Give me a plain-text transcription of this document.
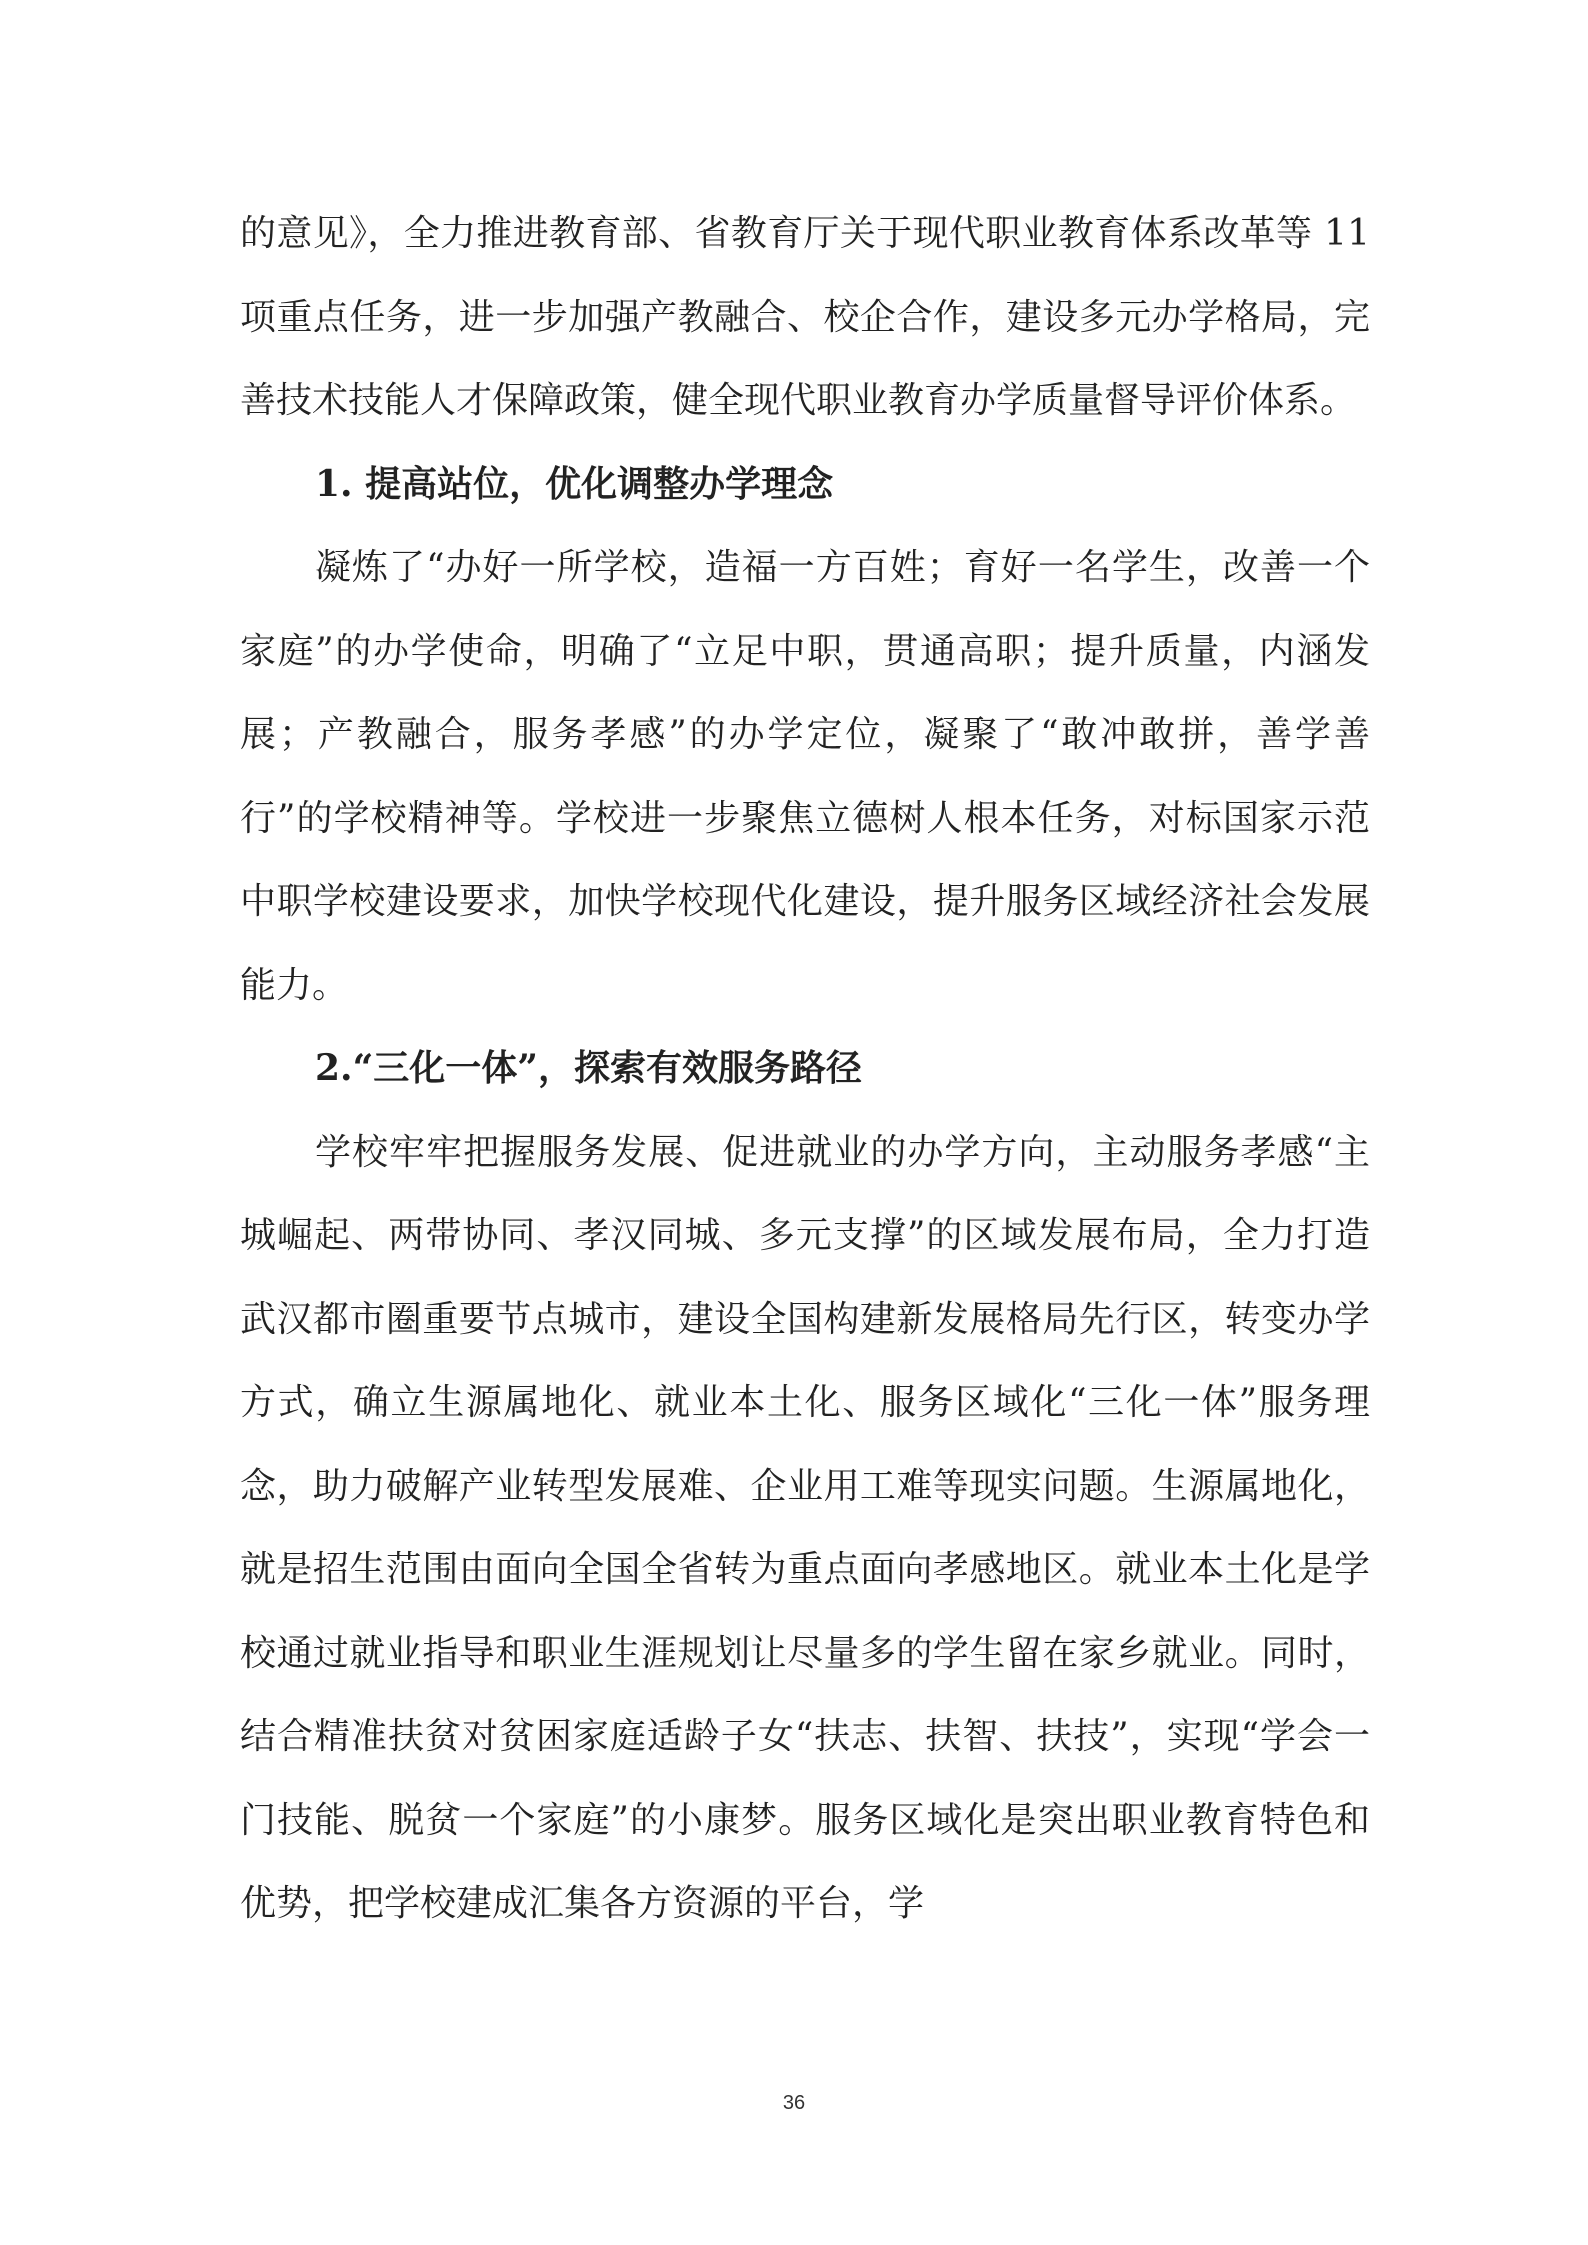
的意见》，全力推进教育部、省教育厅关于现代职业教育体系改革等 11 项重点任务，进一步加强产教融合、校企合作，建设多元办学格局，完善技术技能人才保障政策，健全现代职业教育办学质量督导评价体系。

1. 提高站位，优化调整办学理念

凝炼了“办好一所学校，造福一方百姓；育好一名学生，改善一个家庭”的办学使命，明确了“立足中职，贯通高职；提升质量，内涵发展；产教融合，服务孝感”的办学定位，凝聚了“敢冲敢拼，善学善行”的学校精神等。学校进一步聚焦立德树人根本任务，对标国家示范中职学校建设要求，加快学校现代化建设，提升服务区域经济社会发展能力。

2.“三化一体”，探索有效服务路径

学校牢牢把握服务发展、促进就业的办学方向，主动服务孝感“主城崛起、两带协同、孝汉同城、多元支撑”的区域发展布局，全力打造武汉都市圈重要节点城市，建设全国构建新发展格局先行区，转变办学方式，确立生源属地化、就业本土化、服务区域化“三化一体”服务理念，助力破解产业转型发展难、企业用工难等现实问题。生源属地化，就是招生范围由面向全国全省转为重点面向孝感地区。就业本土化是学校通过就业指导和职业生涯规划让尽量多的学生留在家乡就业。同时，结合精准扶贫对贫困家庭适龄子女“扶志、扶智、扶技”，实现“学会一门技能、脱贫一个家庭”的小康梦。服务区域化是突出职业教育特色和优势，把学校建成汇集各方资源的平台，学

36
